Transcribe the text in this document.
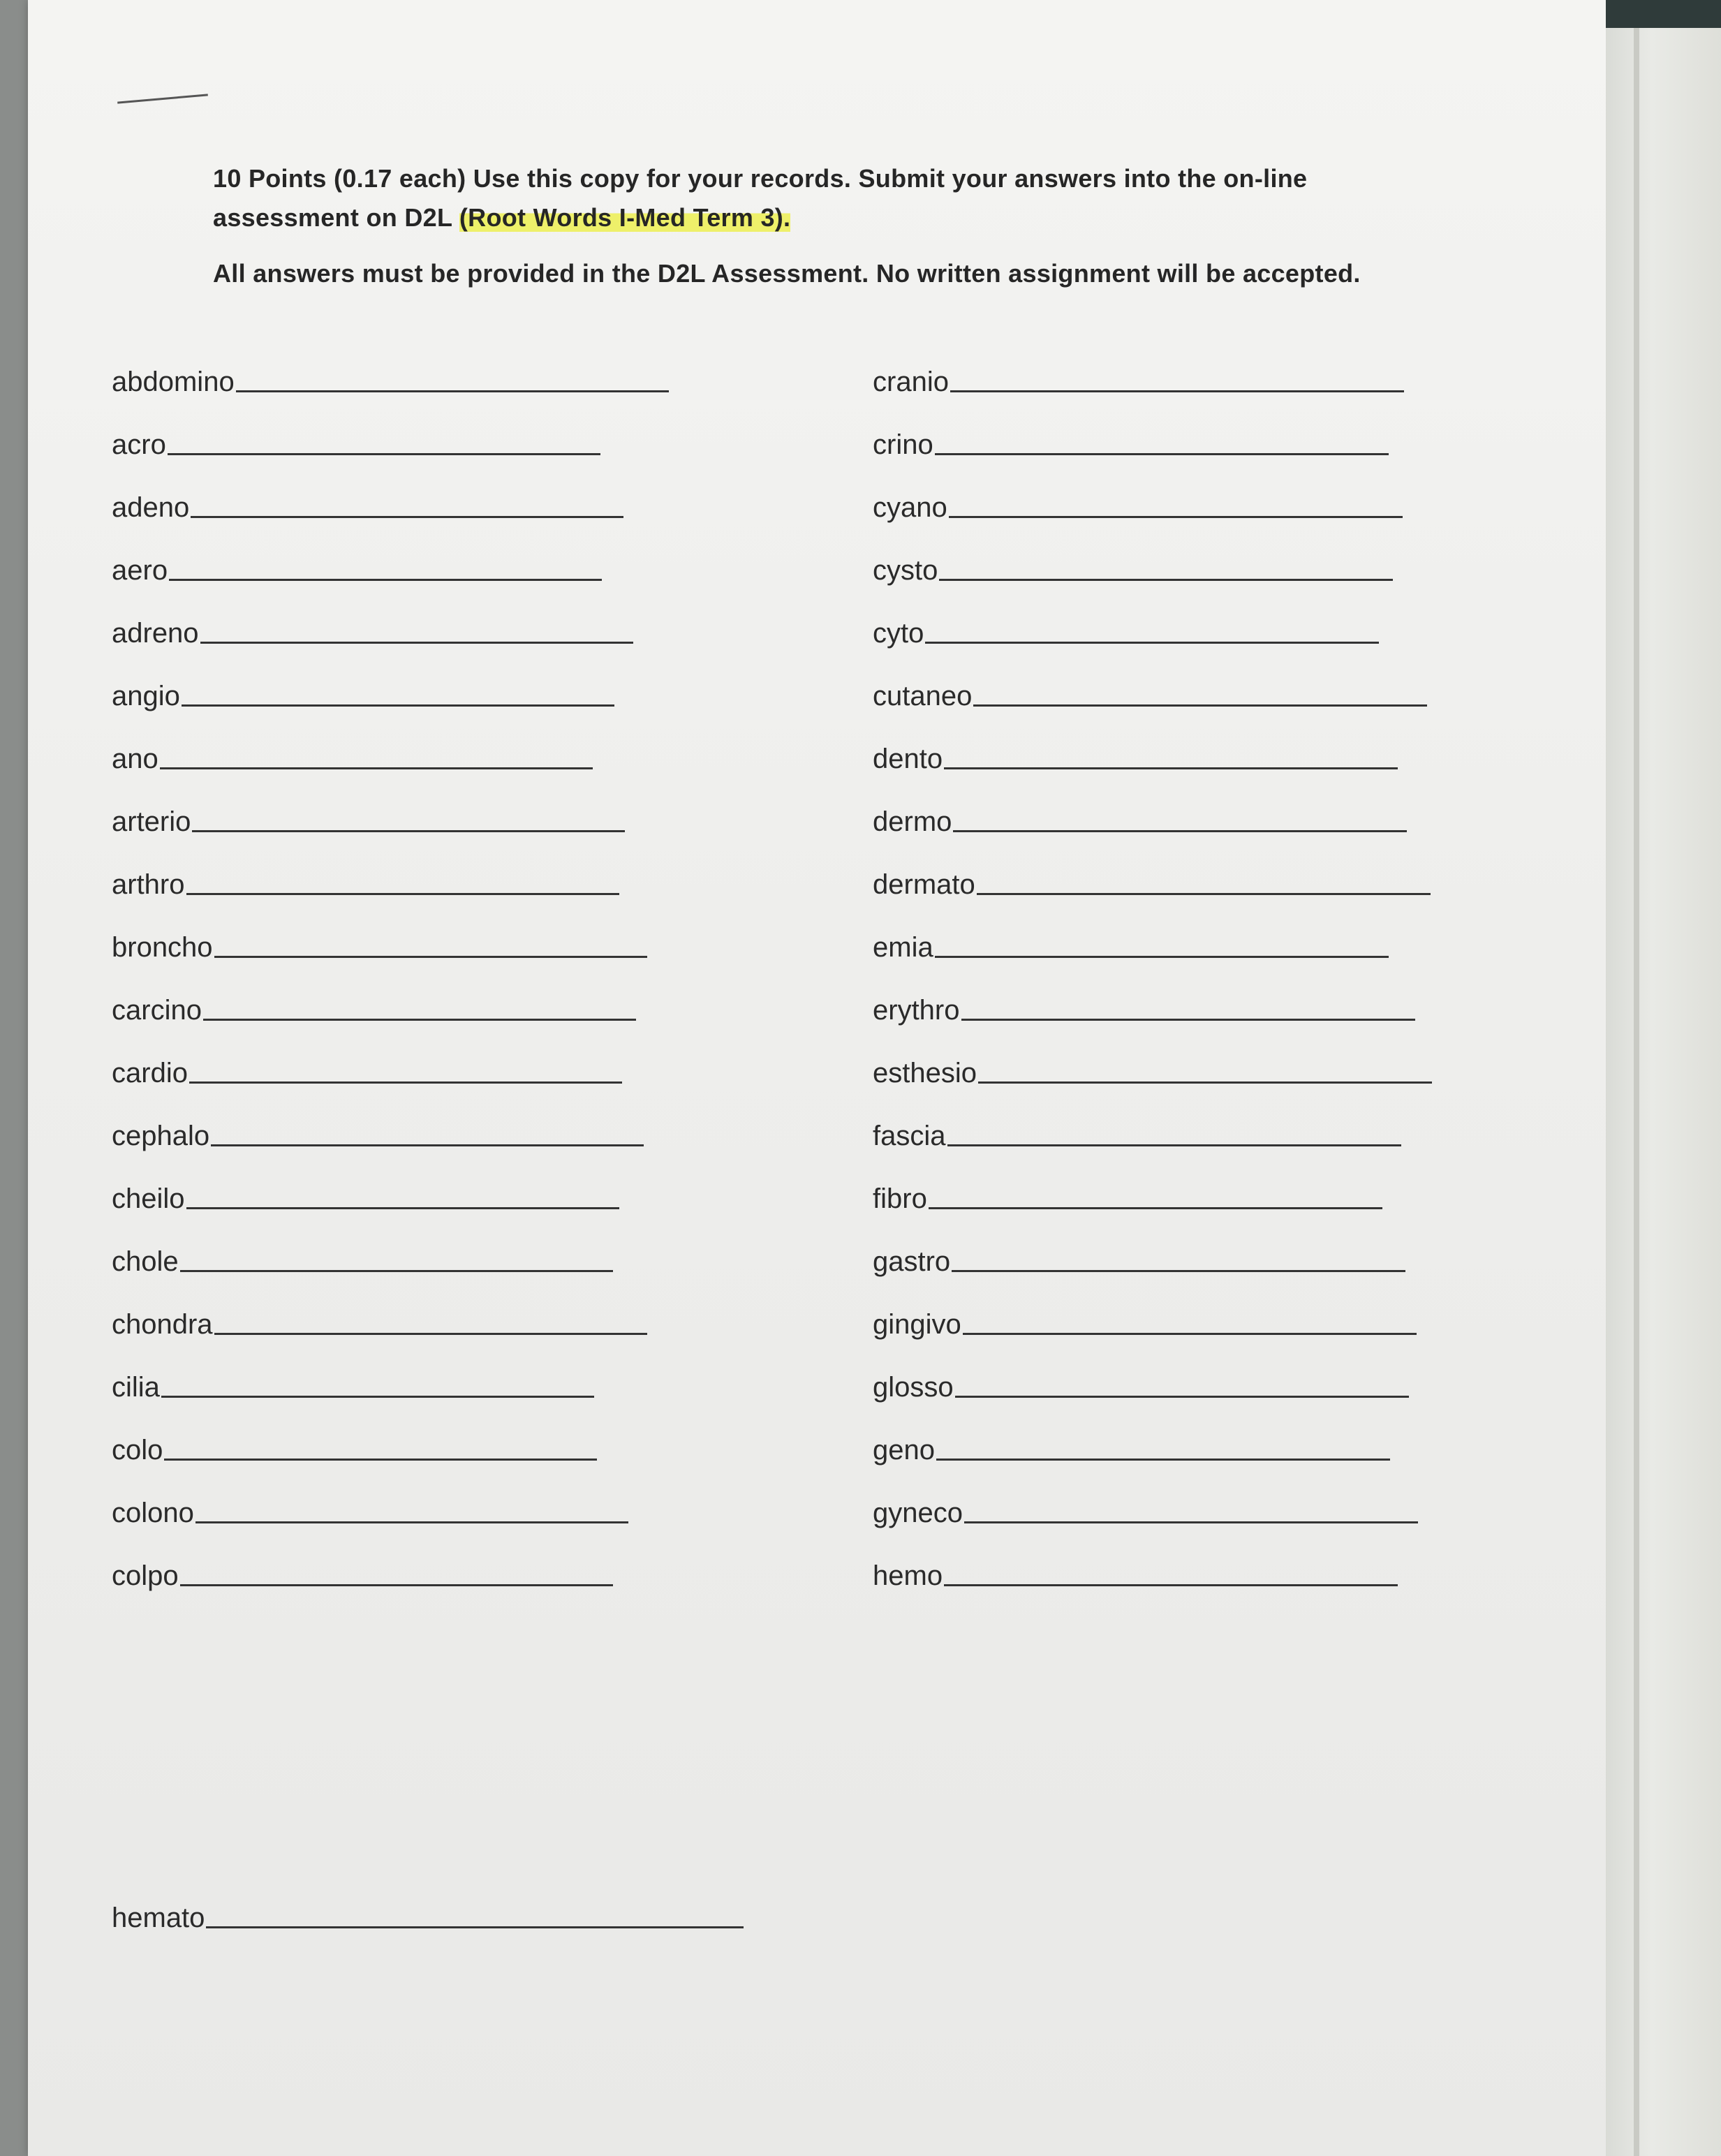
10 Points (0.17 each) Use this copy for your records. Submit your answers into the on-line assessment on D2L (Root Words I-Med Term 3).

All answers must be provided in the D2L Assessment. No written assignment will be accepted.

abdomino
acro
adeno
aero
adreno
angio
ano
arterio
arthro
broncho
carcino
cardio
cephalo
cheilo
chole
chondra
cilia
colo
colono
colpo
cranio
crino
cyano
cysto
cyto
cutaneo
dento
dermo
dermato
emia
erythro
esthesio
fascia
fibro
gastro
gingivo
glosso
geno
gyneco
hemo
hemato
